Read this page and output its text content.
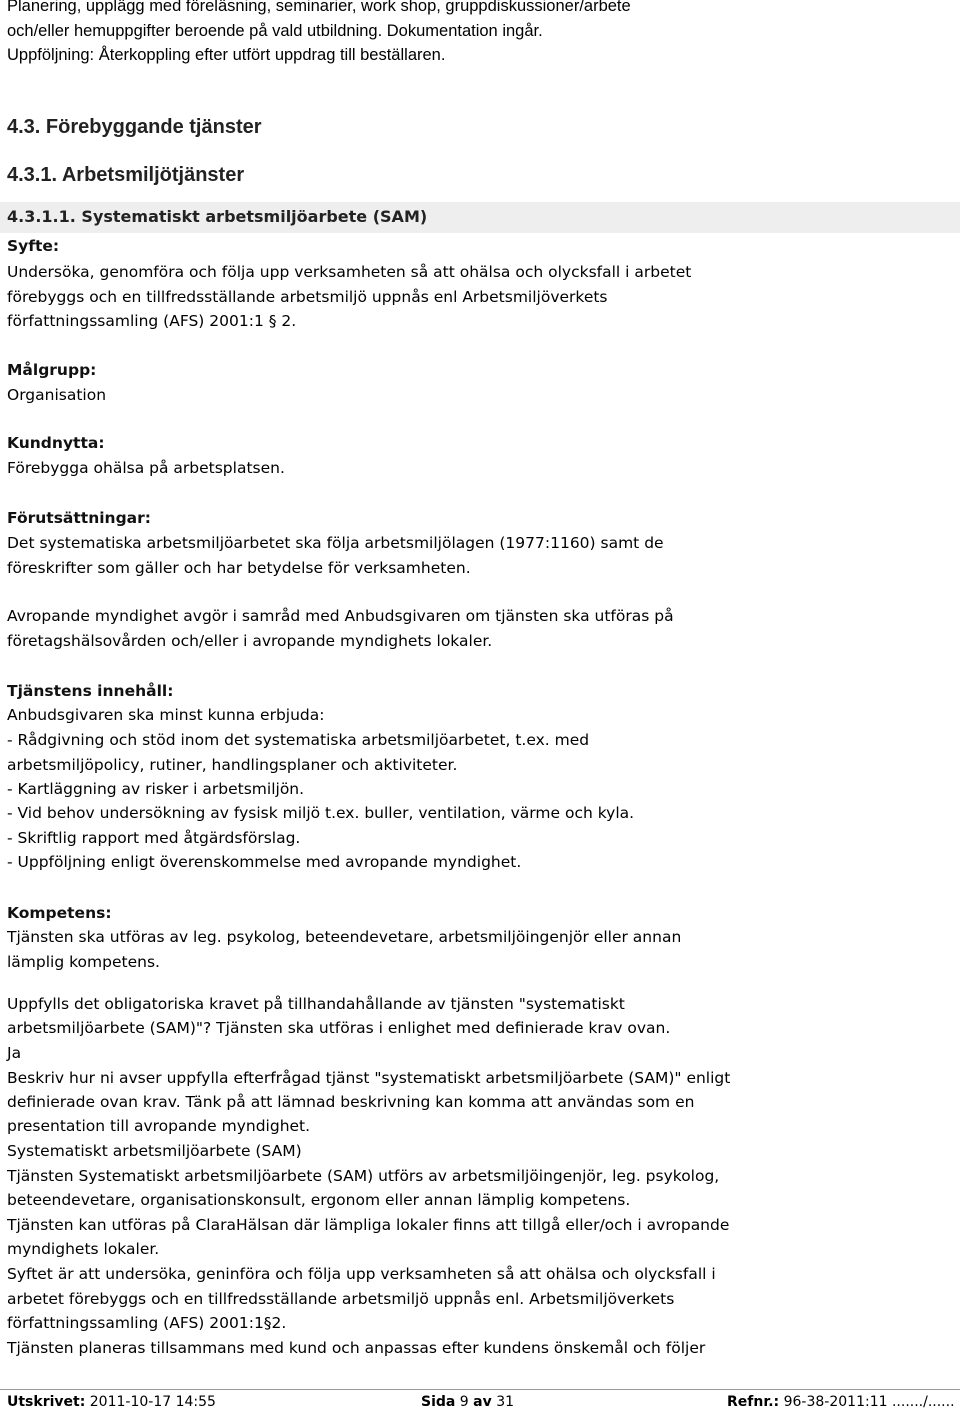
Planering, upplägg med föreläsning, seminarier, work shop, gruppdiskussioner/arbete
och/eller hemuppgifter beroende på vald utbildning. Dokumentation ingår.
Uppföljning: Återkoppling efter utfört uppdrag till beställaren.
4.3. Förebyggande tjänster
4.3.1. Arbetsmiljötjänster
4.3.1.1. Systematiskt arbetsmiljöarbete (SAM)
Syfte:
Undersöka, genomföra och följa upp verksamheten så att ohälsa och olycksfall i arbetet
förebyggs och en tillfredsställande arbetsmiljö uppnås enl Arbetsmiljöverkets
författningssamling (AFS) 2001:1 § 2.
Målgrupp:
Organisation
Kundnytta:
Förebygga ohälsa på arbetsplatsen.
Förutsättningar:
Det systematiska arbetsmiljöarbetet ska följa arbetsmiljölagen (1977:1160) samt de
föreskrifter som gäller och har betydelse för verksamheten.
Avropande myndighet avgör i samråd med Anbudsgivaren om tjänsten ska utföras på
företagshälsovården och/eller i avropande myndighets lokaler.
Tjänstens innehåll:
Anbudsgivaren ska minst kunna erbjuda:
- Rådgivning och stöd inom det systematiska arbetsmiljöarbetet, t.ex. med
arbetsmiljöpolicy, rutiner, handlingsplaner och aktiviteter.
- Kartläggning av risker i arbetsmiljön.
- Vid behov undersökning av fysisk miljö t.ex. buller, ventilation, värme och kyla.
- Skriftlig rapport med åtgärdsförslag.
- Uppföljning enligt överenskommelse med avropande myndighet.
Kompetens:
Tjänsten ska utföras av leg. psykolog, beteendevetare, arbetsmiljöingenjör eller annan
lämplig kompetens.
Uppfylls det obligatoriska kravet på tillhandahållande av tjänsten "systematiskt
arbetsmiljöarbete (SAM)"? Tjänsten ska utföras i enlighet med definierade krav ovan.
Ja
Beskriv hur ni avser uppfylla efterfrågad tjänst "systematiskt arbetsmiljöarbete (SAM)" enligt
definierade ovan krav. Tänk på att lämnad beskrivning kan komma att användas som en
presentation till avropande myndighet.
Systematiskt arbetsmiljöarbete (SAM)
Tjänsten Systematiskt arbetsmiljöarbete (SAM) utförs av arbetsmiljöingenjör, leg. psykolog,
beteendevetare, organisationskonsult, ergonom eller annan lämplig kompetens.
Tjänsten kan utföras på ClaraHälsan där lämpliga lokaler finns att tillgå eller/och i avropande
myndighets lokaler.
Syftet är att undersöka, geninföra och följa upp verksamheten så att ohälsa och olycksfall i
arbetet förebyggs och en tillfredsställande arbetsmiljö uppnås enl. Arbetsmiljöverkets
författningssamling (AFS) 2001:1§2.
Tjänsten planeras tillsammans med kund och anpassas efter kundens önskemål och följer
Utskrivet: 2011-10-17 14:55	Sida 9 av 31	Refnr.: 96-38-2011:11 ......./......
